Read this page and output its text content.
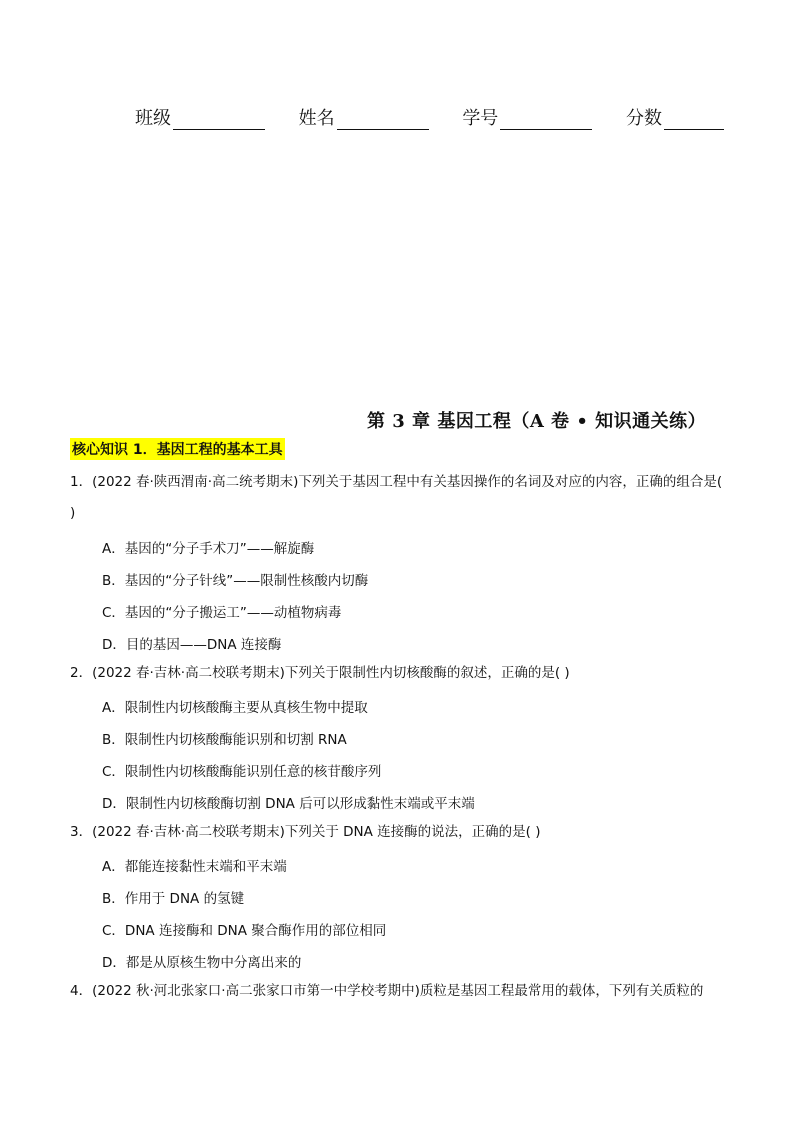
班级	姓名	学号	分数
第 3 章 基因工程（A 卷 • 知识通关练）
核心知识 1．基因工程的基本工具
1．(2022 春·陕西渭南·高二统考期末)下列关于基因工程中有关基因操作的名词及对应的内容，正确的组合是( )
A．基因的“分子手术刀”——解旋酶
B．基因的“分子针线”——限制性核酸内切酶
C．基因的“分子搬运工”——动植物病毒
D．目的基因——DNA 连接酶
2．(2022 春·吉林·高二校联考期末)下列关于限制性内切核酸酶的叙述，正确的是( )
A．限制性内切核酸酶主要从真核生物中提取
B．限制性内切核酸酶能识别和切割 RNA
C．限制性内切核酸酶能识别任意的核苷酸序列
D．限制性内切核酸酶切割 DNA 后可以形成黏性末端或平末端
3．(2022 春·吉林·高二校联考期末)下列关于 DNA 连接酶的说法，正确的是( )
A．都能连接黏性末端和平末端
B．作用于 DNA 的氢键
C．DNA 连接酶和 DNA 聚合酶作用的部位相同
D．都是从原核生物中分离出来的
4．(2022 秋·河北张家口·高二张家口市第一中学校考期中)质粒是基因工程最常用的载体，下列有关质粒的
